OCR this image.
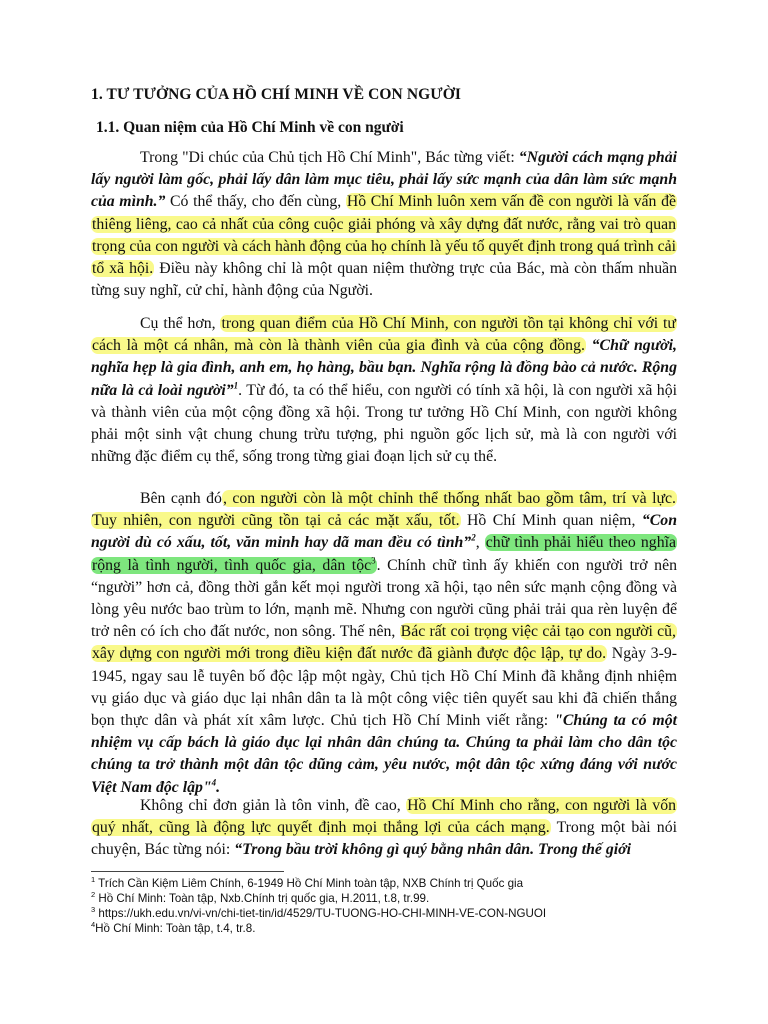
1. TƯ TƯỞNG CỦA HỒ CHÍ MINH VỀ CON NGƯỜI
1.1. Quan niệm của Hồ Chí Minh về con người

Trong "Di chúc của Chủ tịch Hồ Chí Minh", Bác từng viết: “Người cách mạng phải lấy người làm gốc, phải lấy dân làm mục tiêu, phải lấy sức mạnh của dân làm sức mạnh của mình.” Có thể thấy, cho đến cùng, Hồ Chí Minh luôn xem vấn đề con người là vấn đề thiêng liêng, cao cả nhất của công cuộc giải phóng và xây dựng đất nước, rằng vai trò quan trọng của con người và cách hành động của họ chính là yếu tố quyết định trong quá trình cải tổ xã hội. Điều này không chỉ là một quan niệm thường trực của Bác, mà còn thấm nhuần từng suy nghĩ, cử chỉ, hành động của Người.

Cụ thể hơn, trong quan điểm của Hồ Chí Minh, con người tồn tại không chỉ với tư cách là một cá nhân, mà còn là thành viên của gia đình và của cộng đồng. “Chữ người, nghĩa hẹp là gia đình, anh em, họ hàng, bầu bạn. Nghĩa rộng là đồng bào cả nước. Rộng nữa là cả loài người”$^1$. Từ đó, ta có thể hiểu, con người có tính xã hội, là con người xã hội và thành viên của một cộng đồng xã hội. Trong tư tưởng Hồ Chí Minh, con người không phải một sinh vật chung chung trừu tượng, phi nguồn gốc lịch sử, mà là con người với những đặc điểm cụ thể, sống trong từng giai đoạn lịch sử cụ thể.

Bên cạnh đó, con người còn là một chỉnh thể thống nhất bao gồm tâm, trí và lực. Tuy nhiên, con người cũng tồn tại cả các mặt xấu, tốt. Hồ Chí Minh quan niệm, “Con người dù có xấu, tốt, văn minh hay dã man đều có tình”$^2$, chữ tình phải hiểu theo nghĩa rộng là tình người, tình quốc gia, dân tộc$^3$. Chính chữ tình ấy khiến con người trở nên “người” hơn cả, đồng thời gắn kết mọi người trong xã hội, tạo nên sức mạnh cộng đồng và lòng yêu nước bao trùm to lớn, mạnh mẽ. Nhưng con người cũng phải trải qua rèn luyện để trở nên có ích cho đất nước, non sông. Thế nên, Bác rất coi trọng việc cải tạo con người cũ, xây dựng con người mới trong điều kiện đất nước đã giành được độc lập, tự do. Ngày 3-9-1945, ngay sau lễ tuyên bố độc lập một ngày, Chủ tịch Hồ Chí Minh đã khẳng định nhiệm vụ giáo dục và giáo dục lại nhân dân ta là một công việc tiên quyết sau khi đã chiến thắng bọn thực dân và phát xít xâm lược. Chủ tịch Hồ Chí Minh viết rằng: "Chúng ta có một nhiệm vụ cấp bách là giáo dục lại nhân dân chúng ta. Chúng ta phải làm cho dân tộc chúng ta trở thành một dân tộc dũng cảm, yêu nước, một dân tộc xứng đáng với nước Việt Nam độc lập"$^4$.

Không chỉ đơn giản là tôn vinh, đề cao, Hồ Chí Minh cho rằng, con người là vốn quý nhất, cũng là động lực quyết định mọi thắng lợi của cách mạng. Trong một bài nói chuyện, Bác từng nói: “Trong bầu trời không gì quý bằng nhân dân. Trong thế giới

$^1$ Trích Cần Kiệm Liêm Chính, 6-1949 Hồ Chí Minh toàn tập, NXB Chính trị Quốc gia
$^2$ Hồ Chí Minh: Toàn tập, Nxb.Chính trị quốc gia, H.2011, t.8, tr.99.
$^3$ https://ukh.edu.vn/vi-vn/chi-tiet-tin/id/4529/TU-TUONG-HO-CHI-MINH-VE-CON-NGUOI
$^4$Hồ Chí Minh: Toàn tập, t.4, tr.8.
